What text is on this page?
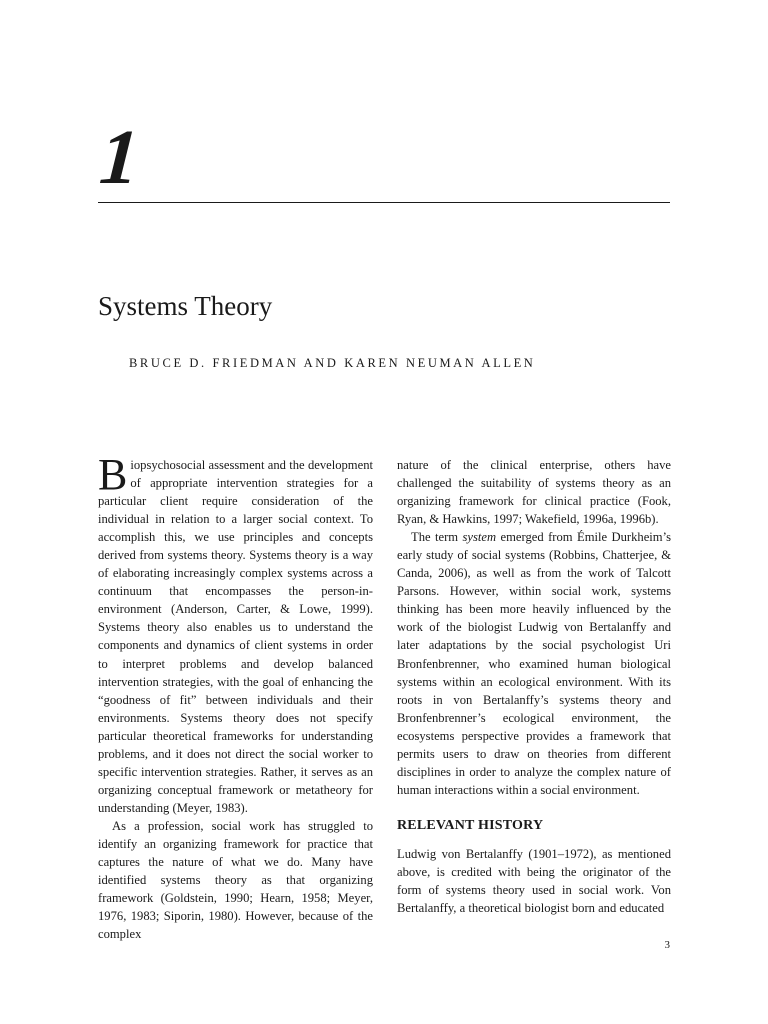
1
Systems Theory
BRUCE D. FRIEDMAN AND KAREN NEUMAN ALLEN

Biopsychosocial assessment and the development of appropriate intervention strategies for a particular client require consideration of the individual in relation to a larger social context. To accomplish this, we use principles and concepts derived from systems theory. Systems theory is a way of elaborating increasingly complex systems across a continuum that encompasses the person-in-environment (Anderson, Carter, & Lowe, 1999). Systems theory also enables us to understand the components and dynamics of client systems in order to interpret problems and develop balanced intervention strategies, with the goal of enhancing the “goodness of fit” between individuals and their environments. Systems theory does not specify particular theoretical frameworks for understanding problems, and it does not direct the social worker to specific intervention strategies. Rather, it serves as an organizing conceptual framework or metatheory for understanding (Meyer, 1983).

As a profession, social work has struggled to identify an organizing framework for practice that captures the nature of what we do. Many have identified systems theory as that organizing framework (Goldstein, 1990; Hearn, 1958; Meyer, 1976, 1983; Siporin, 1980). However, because of the complex

nature of the clinical enterprise, others have challenged the suitability of systems theory as an organizing framework for clinical practice (Fook, Ryan, & Hawkins, 1997; Wakefield, 1996a, 1996b).

The term system emerged from Émile Durkheim’s early study of social systems (Robbins, Chatterjee, & Canda, 2006), as well as from the work of Talcott Parsons. However, within social work, systems thinking has been more heavily influenced by the work of the biologist Ludwig von Bertalanffy and later adaptations by the social psychologist Uri Bronfenbrenner, who examined human biological systems within an ecological environment. With its roots in von Bertalanffy’s systems theory and Bronfenbrenner’s ecological environment, the ecosystems perspective provides a framework that permits users to draw on theories from different disciplines in order to analyze the complex nature of human interactions within a social environment.

RELEVANT HISTORY

Ludwig von Bertalanffy (1901–1972), as mentioned above, is credited with being the originator of the form of systems theory used in social work. Von Bertalanffy, a theoretical biologist born and educated

3
